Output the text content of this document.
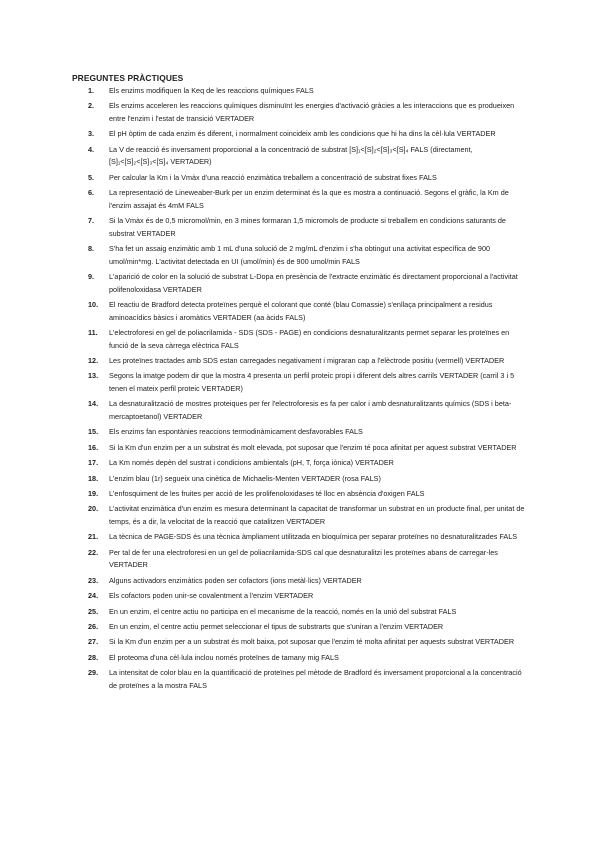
PREGUNTES PRÀCTIQUES
1. Els enzims modifiquen la Keq de les reaccions químiques FALS
2. Els enzims acceleren les reaccions químiques disminuïnt les energies d'activació gràcies a les interaccions que es produeixen entre l'enzim i l'estat de transició VERTADER
3. El pH òptim de cada enzim és diferent, i normalment coincideix amb les condicions que hi ha dins la cèl·lula VERTADER
4. La V de reacció és inversament proporcional a la concentració de substrat [S]₁<[S]₂<[S]₃<[S]₄ FALS (directament, [S]₁<[S]₂<[S]₃<[S]₄ VERTADER)
5. Per calcular la Km i la Vmàx d'una reacció enzimàtica treballem a concentració de substrat fixes FALS
6. La representació de Lineweaber-Burk per un enzim determinat és la que es mostra a continuació. Segons el gràfic, la Km de l'enzim assajat és 4mM FALS
7. Si la Vmàx és de 0,5 micromol/min, en 3 mines formaran 1,5 micromols de producte si treballem en condicions saturants de substrat VERTADER
8. S'ha fet un assaig enzimàtic amb 1 mL d'una solució de 2 mg/mL d'enzim i s'ha obtingut una activitat específica de 900 umol/min*mg. L'activitat detectada en UI (umol/min) és de 900 umol/min FALS
9. L'aparició de color en la solució de substrat L-Dopa en presència de l'extracte enzimàtic és directament proporcional a l'activitat polifenoloxidasa VERTADER
10. El reactiu de Bradford detecta proteïnes perquè el colorant que conté (blau Comassie) s'enllaça principalment a residus aminoacídics bàsics i aromàtics VERTADER (aa àcids FALS)
11. L'electroforesi en gel de poliacrilamida - SDS (SDS - PAGE) en condicions desnaturalitzants permet separar les proteïnes en funció de la seva càrrega elèctrica FALS
12. Les proteïnes tractades amb SDS estan carregades negativament i migraran cap a l'elèctrode positiu (vermell) VERTADER
13. Segons la imatge podem dir que la mostra 4 presenta un perfil proteic propi i diferent dels altres carrils VERTADER (carril 3 i 5 tenen el mateix perfil proteic VERTADER)
14. La desnaturalització de mostres proteiques per fer l'electroforesis es fa per calor i amb desnaturalitzants químics (SDS i beta-mercaptoetanol) VERTADER
15. Els enzims fan espontànies reaccions termodinàmicament desfavorables FALS
16. Si la Km d'un enzim per a un substrat és molt elevada, pot suposar que l'enzim té poca afinitat per aquest substrat VERTADER
17. La Km només depèn del sustrat i condicions ambientals (pH, T, força iònica) VERTADER
18. L'enzim blau (1r) segueix una cinètica de Michaelis-Menten VERTADER (rosa FALS)
19. L'enfosquiment de les fruites per acció de les prolifenoloxidases té lloc en absència d'oxigen FALS
20. L'activitat enzimàtica d'un enzim es mesura determinant la capacitat de transformar un substrat en un producte final, per unitat de temps, és a dir, la velocitat de la reacció que catalitzen VERTADER
21. La tècnica de PAGE-SDS és una tècnica àmpliament utilitzada en bioquímica per separar proteïnes no desnaturalitzades FALS
22. Per tal de fer una electroforesi en un gel de poliacrilamida-SDS cal que desnaturalitzi les proteïnes abans de carregar-les VERTADER
23. Alguns activadors enzimàtics poden ser cofactors (ions metàl·lics) VERTADER
24. Els cofactors poden unir-se covalentment a l'enzim VERTADER
25. En un enzim, el centre actiu no participa en el mecanisme de la reacció, només en la unió del substrat FALS
26. En un enzim, el centre actiu permet seleccionar el tipus de substrarts que s'uniran a l'enzim VERTADER
27. Si la Km d'un enzim per a un substrat és molt baixa, pot suposar que l'enzim té molta afinitat per aquests substrat VERTADER
28. El proteoma d'una cèl·lula inclou només proteïnes de tamany mig FALS
29. La intensitat de color blau en la quantificació de proteïnes pel mètode de Bradford és inversament proporcional a la concentració de proteïnes a la mostra FALS
